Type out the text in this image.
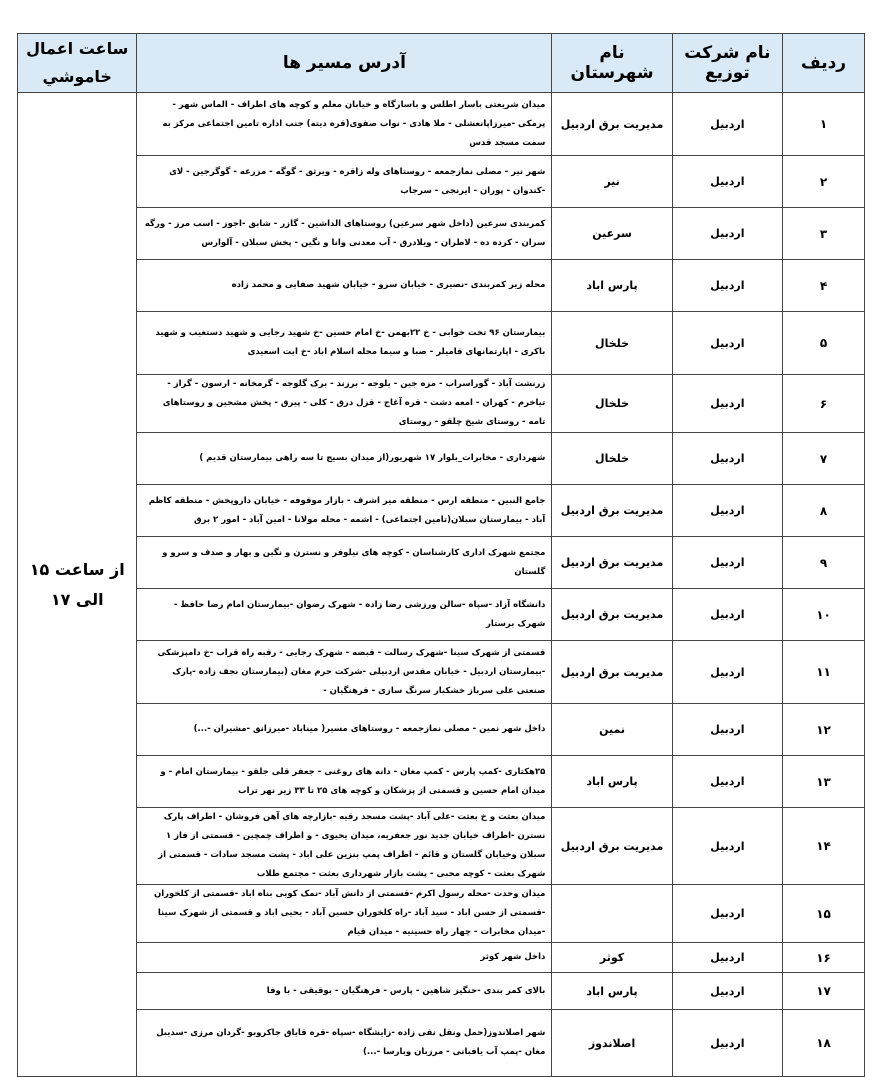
ردیف	نام شرکت توزیع	نام شهرستان	آدرس مسیر ها	ساعت اعمال خاموشي
۱	اردبیل	مدیریت برق اردبیل	میدان شریعتی باسار اطلس و باسارگاه و خیابان معلم و کوچه های اطراف - الماس شهر - پرمکی -میرزاپانعشلی - ملا هادی - نواب صفوی(قره دیته) جنب اداره تامین اجتماعی مرکز به سمت مسجد قدس	از ساعت ۱۵ الی ۱۷
۲	اردبیل	نیر	شهر نیر - مصلی نمازجمعه - روستاهای وله زاقره - ویرثق - گوگه - مزرعه - گوگرجین - لای -کندوان - پوران - ایرنجی - سرجاب	
۳	اردبیل	سرعین	کمربندی سرعین (داخل شهر سرعین) روستاهای الداشین - گازر - شابق -اجوز - اسب مرز - ورگه سران - کرده ده - لاطران - ویلادرق - آب معدنی وانا و نگین - پخش سبلان - آلوارس	
۴	اردبیل	پارس اباد	محله زیر کمربندی -نصیری - خیابان سرو - خیابان شهید صفایی و محمد زاده	
۵	اردبیل	خلخال	بیمارستان ۹۶ تخت خوابی - خ ۲۲بهمن -خ امام حسین -خ شهید رجایی و شهید دستغیب و شهید باکری - اپارتمانهای قامیلر - صبا و سیما محله اسلام اباد -خ ایت اسعیدی	
۶	اردبیل	خلخال	زرنشت آباد - گوراسراب - مزه جین - یلوجه - برزند - برک گلوجه - گرمخانه - ارسون - گراز - تیاخرم - کهران - امعه دشت - قره آغاج - قزل درق - کلی - پیرق - پخش مشجین و روستاهای تامه - روستای شیخ چلقو - روستای	
۷	اردبیل	خلخال	شهرداری - مخابرات_بلوار ۱۷ شهریور(از میدان بسیج تا سه راهی بیمارستان قدیم )	
۸	اردبیل	مدیریت برق اردبیل	جامع النبین - منطقه ارس - منطقه میر اشرف - بازار موقوفه - خیابان داروپخش - منطقه کاظم آباد - بیمارستان سبلان(تامین اجتماعی) - اشمه - محله مولانا - امین آباد - امور ۲ برق	
۹	اردبیل	مدیریت برق اردبیل	مجتمع شهرک اداری کارشناسان - کوچه های نیلوفر و نسترن و نگین و بهار و صدف و سرو و گلستان	
۱۰	اردبیل	مدیریت برق اردبیل	دانشگاه آزاد -سپاه -سالن ورزشی رضا زاده - شهرک رضوان -بیمارستان امام رضا حافظ - شهرک برستار	
۱۱	اردبیل	مدیریت برق اردبیل	قسمتی از شهرک سینا -شهرک رسالت - قبضه - شهرک رجایی - رقبه راه قراب -خ دامپزشکی -بیمارستان اردبیل - خیابان مقدس اردبیلی -شرکت حرم مغان (بیمارستان نجف زاده -پارک صنعتی علی سرباز خشکبار سرنگ سازی - فرهنگیان -	
۱۲	اردبیل	نمین	داخل شهر نمین - مصلی نمازجمعه - روستاهای مسیر( میناباد -میرزانق -مشیران -...)	
۱۳	اردبیل	پارس اباد	۲۵هکتاری -کمپ پارس - کمپ مغان - دانه های روغنی - جعفر قلی جلقو - بیمارستان امام - و میدان امام حسین و قسمتی از پزشکان و کوچه های ۲۵ تا ۳۳ زیر نهر تراب	
۱۴	اردبیل	مدیریت برق اردبیل	میدان بعثت و خ بعثت -علی آباد -پشت مسجد رقیه -بازارچه های آهن فروشان - اطراف پارک نسترن -اطراف خیابان جدید نور جعفریه، میدان یحیوی - و اطراف چمچین - قسمتی از فاز ۱ سبلان وخیابان گلستان و قائم - اطراف پمپ بنزین علی اباد - پشت مسجد سادات - قسمتی از شهرک بعثت - کوچه محبی - پشت بازار شهرداری بعثت - مجتمع طلاب	
۱۵	اردبیل		میدان وحدت -محله رسول اکرم -قسمتی از دانش آباد -نمک کوبی بناه اباد -قسمتی از کلخوران -قسمتی از حسن اباد - سید آباد -راه کلخوران حسین آباد - یحیی اباد و قسمتی از شهرک سینا -میدان مخابرات - چهار راه حسینیه - میدان قیام	
۱۶	اردبیل	کوثر	داخل شهر کوثر	
۱۷	اردبیل	پارس اباد	بالای کمر بندی -حنگیز شاهین - پارس - فرهنگیان - بوقیقی - با وفا	
۱۸	اردبیل	اصلاندوز	شهر اصلاندوز(حمل ونقل نقی زاده -زایشگاه -سپاه -قره قایاق جاکروبو -گردان مرزی -سدیبل مغان -پمپ آب یافبانی - مرزبان وبارسا -...)	
